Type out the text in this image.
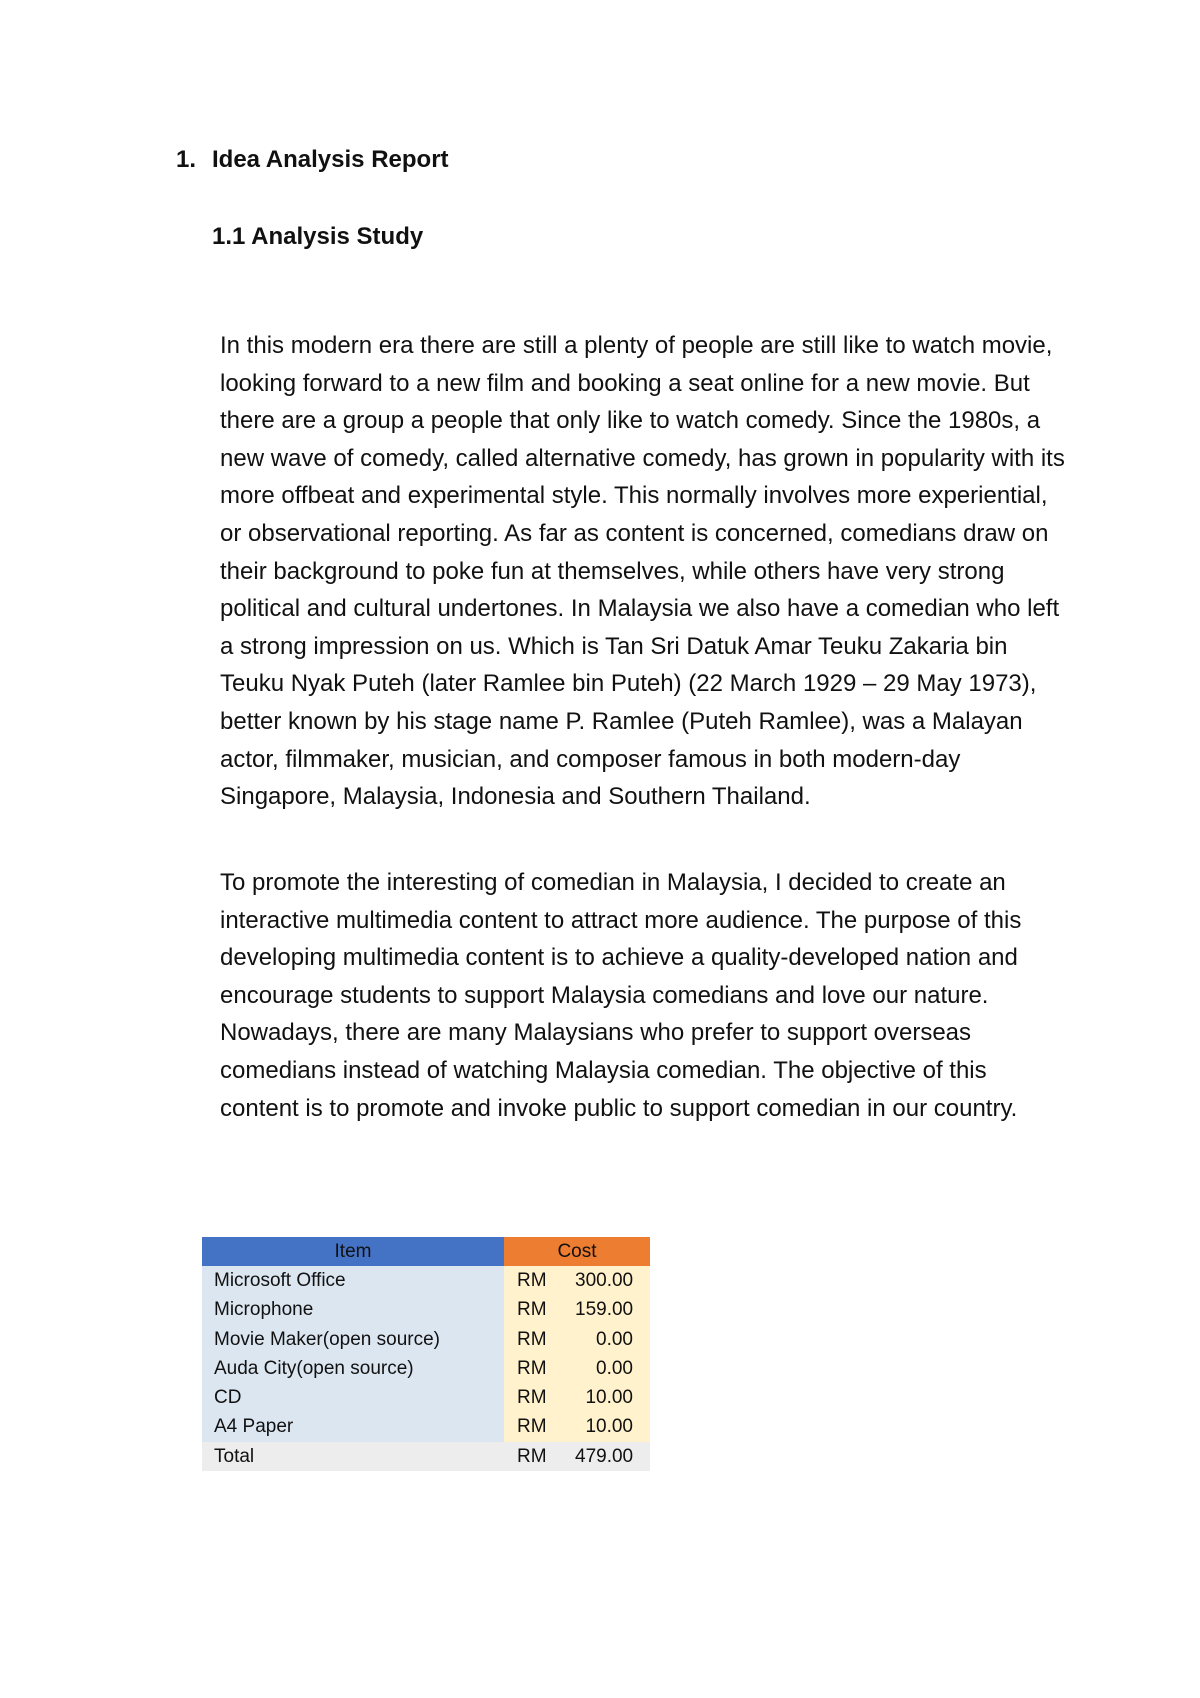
1. Idea Analysis Report
1.1 Analysis Study

In this modern era there are still a plenty of people are still like to watch movie, looking forward to a new film and booking a seat online for a new movie. But there are a group a people that only like to watch comedy. Since the 1980s, a new wave of comedy, called alternative comedy, has grown in popularity with its more offbeat and experimental style. This normally involves more experiential, or observational reporting. As far as content is concerned, comedians draw on their background to poke fun at themselves, while others have very strong political and cultural undertones. In Malaysia we also have a comedian who left a strong impression on us. Which is Tan Sri Datuk Amar Teuku Zakaria bin Teuku Nyak Puteh (later Ramlee bin Puteh) (22 March 1929 – 29 May 1973), better known by his stage name P. Ramlee (Puteh Ramlee), was a Malayan actor, filmmaker, musician, and composer famous in both modern-day Singapore, Malaysia, Indonesia and Southern Thailand.

To promote the interesting of comedian in Malaysia, I decided to create an interactive multimedia content to attract more audience. The purpose of this developing multimedia content is to achieve a quality-developed nation and encourage students to support Malaysia comedians and love our nature. Nowadays, there are many Malaysians who prefer to support overseas comedians instead of watching Malaysia comedian. The objective of this content is to promote and invoke public to support comedian in our country.

Item	Cost
Microsoft Office	RM 300.00
Microphone	RM 159.00
Movie Maker(open source)	RM 0.00
Auda City(open source)	RM 0.00
CD	RM 10.00
A4 Paper	RM 10.00
Total	RM 479.00
